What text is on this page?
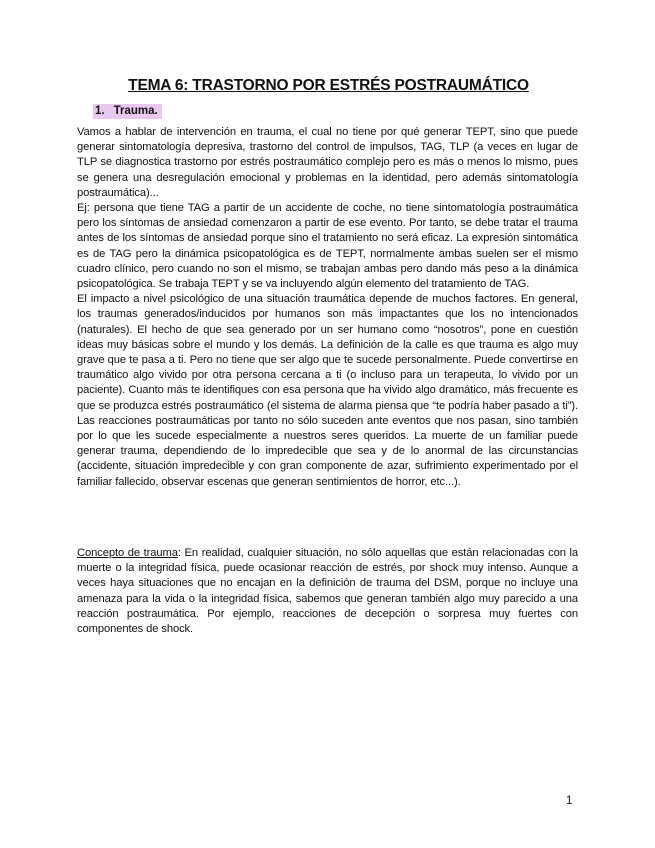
TEMA 6: TRASTORNO POR ESTRÉS POSTRAUMÁTICO
1. Trauma.

Vamos a hablar de intervención en trauma, el cual no tiene por qué generar TEPT, sino que puede generar sintomatología depresiva, trastorno del control de impulsos, TAG, TLP (a veces en lugar de TLP se diagnostica trastorno por estrés postraumático complejo pero es más o menos lo mismo, pues se genera una desregulación emocional y problemas en la identidad, pero además sintomatología postraumática)...

Ej: persona que tiene TAG a partir de un accidente de coche, no tiene sintomatología postraumática pero los síntomas de ansiedad comenzaron a partir de ese evento. Por tanto, se debe tratar el trauma antes de los síntomas de ansiedad porque sino el tratamiento no será eficaz. La expresión sintomática es de TAG pero la dinámica psicopatológica es de TEPT, normalmente ambas suelen ser el mismo cuadro clínico, pero cuando no son el mismo, se trabajan ambas pero dando más peso a la dinámica psicopatológica. Se trabaja TEPT y se va incluyendo algún elemento del tratamiento de TAG.

El impacto a nivel psicológico de una situación traumática depende de muchos factores. En general, los traumas generados/inducidos por humanos son más impactantes que los no intencionados (naturales). El hecho de que sea generado por un ser humano como “nosotros”, pone en cuestión ideas muy básicas sobre el mundo y los demás. La definición de la calle es que trauma es algo muy grave que te pasa a ti. Pero no tiene que ser algo que te sucede personalmente. Puede convertirse en traumático algo vivido por otra persona cercana a ti (o incluso para un terapeuta, lo vivido por un paciente). Cuanto más te identifiques con esa persona que ha vivido algo dramático, más frecuente es que se produzca estrés postraumático (el sistema de alarma piensa que “te podría haber pasado a ti”). Las reacciones postraumáticas por tanto no sólo suceden ante eventos que nos pasan, sino también por lo que les sucede especialmente a nuestros seres queridos. La muerte de un familiar puede generar trauma, dependiendo de lo impredecible que sea y de lo anormal de las circunstancias (accidente, situación impredecible y con gran componente de azar, sufrimiento experimentado por el familiar fallecido, observar escenas que generan sentimientos de horror, etc...).

Concepto de trauma: En realidad, cualquier situación, no sólo aquellas que están relacionadas con la muerte o la integridad física, puede ocasionar reacción de estrés, por shock muy intenso. Aunque a veces haya situaciones que no encajan en la definición de trauma del DSM, porque no incluye una amenaza para la vida o la integridad física, sabemos que generan también algo muy parecido a una reacción postraumática. Por ejemplo, reacciones de decepción o sorpresa muy fuertes con componentes de shock.

1
